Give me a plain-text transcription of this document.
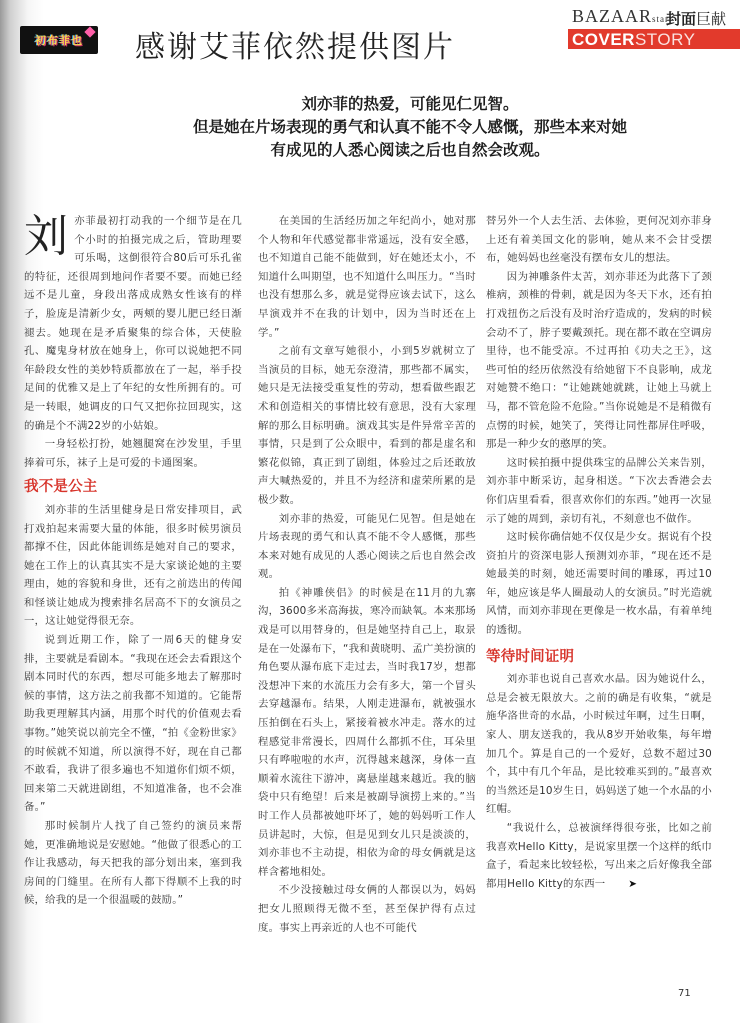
初布菲也 感谢艾菲依然提供图片
BAZAARstar
封面巨献
COVERSTORY

刘亦菲的热爱，可能见仁见智。

但是她在片场表现的勇气和认真不能不令人感慨，那些本来对她

有成见的人悉心阅读之后也自然会改观。

刘亦菲最初打动我的一个细节是在几个小时的拍摄完成之后，管助理要可乐喝，这倒很符合80后可乐孔雀的特征，还很周到地问作者要不要。而她已经远不是儿童，身段出落成成熟女性该有的样子，脸庞是清新少女，两颊的婴儿肥已经日渐褪去。她现在是矛盾聚集的综合体，天使脸孔、魔鬼身材放在她身上，你可以说她把不同年龄段女性的美妙特质都放在了一起，举手投足间的优雅又是上了年纪的女性所拥有的。可是一转眼，她调皮的口气又把你拉回现实，这的确是个不满22岁的小姑娘。

一身轻松打扮，她翘腿窝在沙发里，手里捧着可乐，袜子上是可爱的卡通图案。

我不是公主

刘亦菲的生活里健身是日常安排项目，武打戏拍起来需要大量的体能，很多时候男演员都撑不住，因此体能训练是她对自己的要求，她在工作上的认真其实不是大家谈论她的主要理由，她的容貌和身世，还有之前迭出的传闻和怪谈让她成为搜索排名居高不下的女演员之一，这让她觉得很无奈。

说到近期工作，除了一周6天的健身安排，主要就是看剧本。“我现在还会去看跟这个剧本同时代的东西，想尽可能多地去了解那时候的事情，这方法之前我都不知道的。它能帮助我更理解其内涵，用那个时代的价值观去看事物。”她笑说以前完全不懂，“拍《金粉世家》的时候就不知道，所以演得不好，现在自己都不敢看，我讲了很多遍也不知道你们烦不烦，回来第二天就进剧组，不知道准备，也不会准备。”

那时候制片人找了自己签约的演员来帮她，更准确地说是安慰她。“他做了很悉心的工作让我感动，每天把我的部分划出来，塞到我房间的门缝里。在所有人都下得顺不上我的时候，给我的是一个很温暖的鼓励。”

在美国的生活经历加之年纪尚小，她对那个人物和年代感觉都非常遥远，没有安全感，也不知道自己能不能做到，好在她还太小，不知道什么叫期望，也不知道什么叫压力。“当时也没有想那么多，就是觉得应该去试下，这么早演戏并不在我的计划中，因为当时还在上学。”

之前有文章写她很小，小到5岁就树立了当演员的目标，她无奈澄清，那些都不属实，她只是无法接受重复性的劳动，想看做些跟艺术和创造相关的事情比较有意思，没有大家理解的那么目标明确。演戏其实是件异常辛苦的事情，只是到了公众眼中，看到的都是虚名和繁花似锦，真正到了剧组，体验过之后还敢放声大喊热爱的，并且不为经济和虚荣所累的是极少数。

刘亦菲的热爱，可能见仁见智。但是她在片场表现的勇气和认真不能不令人感慨，那些本来对她有成见的人悉心阅读之后也自然会改观。

拍《神雕侠侣》的时候是在11月的九寨沟，3600多米高海拔，寒冷而缺氧。本来那场戏是可以用替身的，但是她坚持自己上，取景是在一处瀑布下，“我和黄晓明、孟广美扮演的角色要从瀑布底下走过去，当时我17岁，想都没想冲下来的水流压力会有多大，第一个冒头去穿越瀑布。结果，人刚走进瀑布，就被强水压拍倒在石头上，紧接着被水冲走。落水的过程感觉非常漫长，四周什么都抓不住，耳朵里只有哗啦啦的水声，沉得越来越深，身体一直顺着水流往下游冲，离悬崖越来越近。我的脑袋中只有绝望！后来是被副导演捞上来的。”当时工作人员都被她吓坏了，她的妈妈听工作人员讲起时，大惊，但是见到女儿只是淡淡的，刘亦菲也不主动提，相依为命的母女俩就是这样含蓄地相处。

不少没接触过母女俩的人都误以为，妈妈把女儿照顾得无微不至，甚至保护得有点过度。事实上再亲近的人也不可能代

替另外一个人去生活、去体验，更何况刘亦菲身上还有着美国文化的影响，她从来不会甘受摆布，她妈妈也丝毫没有摆布女儿的想法。

因为神雕条件太苦，刘亦菲还为此落下了颈椎病，颈椎的骨刺，就是因为冬天下水，还有拍打戏扭伤之后没有及时治疗造成的，发病的时候会动不了，脖子要戴颈托。现在都不敢在空调房里待，也不能受凉。不过再拍《功夫之王》，这些可怕的经历依然没有给她留下不良影响，成龙对她赞不绝口：“让她跳她就跳，让她上马就上马，都不管危险不危险。”当你说她是不是稍微有点愣的时候，她笑了，笑得让同性都屏住呼吸，那是一种少女的憨厚的笑。

这时候拍摄中提供珠宝的品牌公关来告别，刘亦菲中断采访，起身相送。“下次去香港会去你们店里看看，很喜欢你们的东西。”她再一次显示了她的周到，亲切有礼，不刻意也不做作。

这时候你确信她不仅仅是少女。据说有个投资拍片的资深电影人预测刘亦菲，“现在还不是她最美的时刻，她还需要时间的雕琢，再过10年，她应该是华人圈最动人的女演员。”时光造就风情，而刘亦菲现在更像是一枚水晶，有着单纯的透彻。

等待时间证明

刘亦菲也说自己喜欢水晶。因为她说什么，总是会被无限放大。之前的确是有收集，“就是施华洛世奇的水晶，小时候过年啊，过生日啊，家人、朋友送我的，我从8岁开始收集，每年增加几个。算是自己的一个爱好，总数不超过30个，其中有几个年品，是比较难买到的。”最喜欢的当然还是10岁生日，妈妈送了她一个水晶的小红帽。

“我说什么，总被演绎得很夸张，比如之前我喜欢Hello Kitty，是说家里摆一个这样的纸巾盒子，看起来比较轻松，写出来之后好像我全部都用Hello Kitty的东西一 ➤

71
